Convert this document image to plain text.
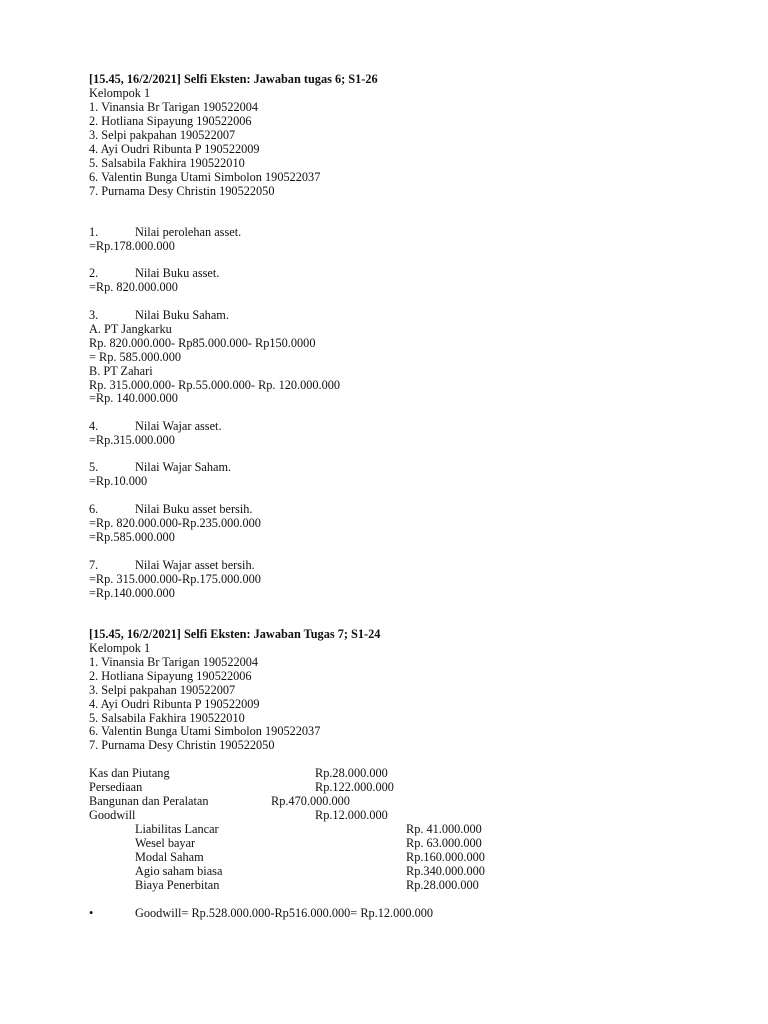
[15.45, 16/2/2021] Selfi Eksten: Jawaban tugas 6; S1-26
Kelompok 1
1. Vinansia Br Tarigan 190522004
2. Hotliana Sipayung 190522006
3. Selpi pakpahan 190522007
4. Ayi Oudri Ribunta P 190522009
5. Salsabila Fakhira 190522010
6. Valentin Bunga Utami Simbolon 190522037
7. Purnama Desy Christin 190522050
1.	Nilai perolehan asset.
=Rp.178.000.000
2.	Nilai Buku asset.
=Rp. 820.000.000
3.	Nilai Buku Saham.
A. PT Jangkarku
Rp. 820.000.000- Rp85.000.000- Rp150.0000
= Rp. 585.000.000
B. PT Zahari
Rp. 315.000.000- Rp.55.000.000- Rp. 120.000.000
=Rp. 140.000.000
4.	Nilai Wajar asset.
=Rp.315.000.000
5.	Nilai Wajar Saham.
=Rp.10.000
6.	Nilai Buku asset bersih.
=Rp. 820.000.000-Rp.235.000.000
=Rp.585.000.000
7.	Nilai Wajar asset bersih.
=Rp. 315.000.000-Rp.175.000.000
=Rp.140.000.000
[15.45, 16/2/2021] Selfi Eksten: Jawaban Tugas 7; S1-24
Kelompok 1
1. Vinansia Br Tarigan 190522004
2. Hotliana Sipayung 190522006
3. Selpi pakpahan 190522007
4. Ayi Oudri Ribunta P 190522009
5. Salsabila Fakhira 190522010
6. Valentin Bunga Utami Simbolon 190522037
7. Purnama Desy Christin 190522050
Kas dan Piutang	Rp.28.000.000
Persediaan	Rp.122.000.000
Bangunan dan Peralatan	Rp.470.000.000
Goodwill	Rp.12.000.000
Liabilitas Lancar	Rp. 41.000.000
Wesel bayar	Rp. 63.000.000
Modal Saham	Rp.160.000.000
Agio saham biasa	Rp.340.000.000
Biaya Penerbitan	Rp.28.000.000
•	Goodwill= Rp.528.000.000-Rp516.000.000= Rp.12.000.000
